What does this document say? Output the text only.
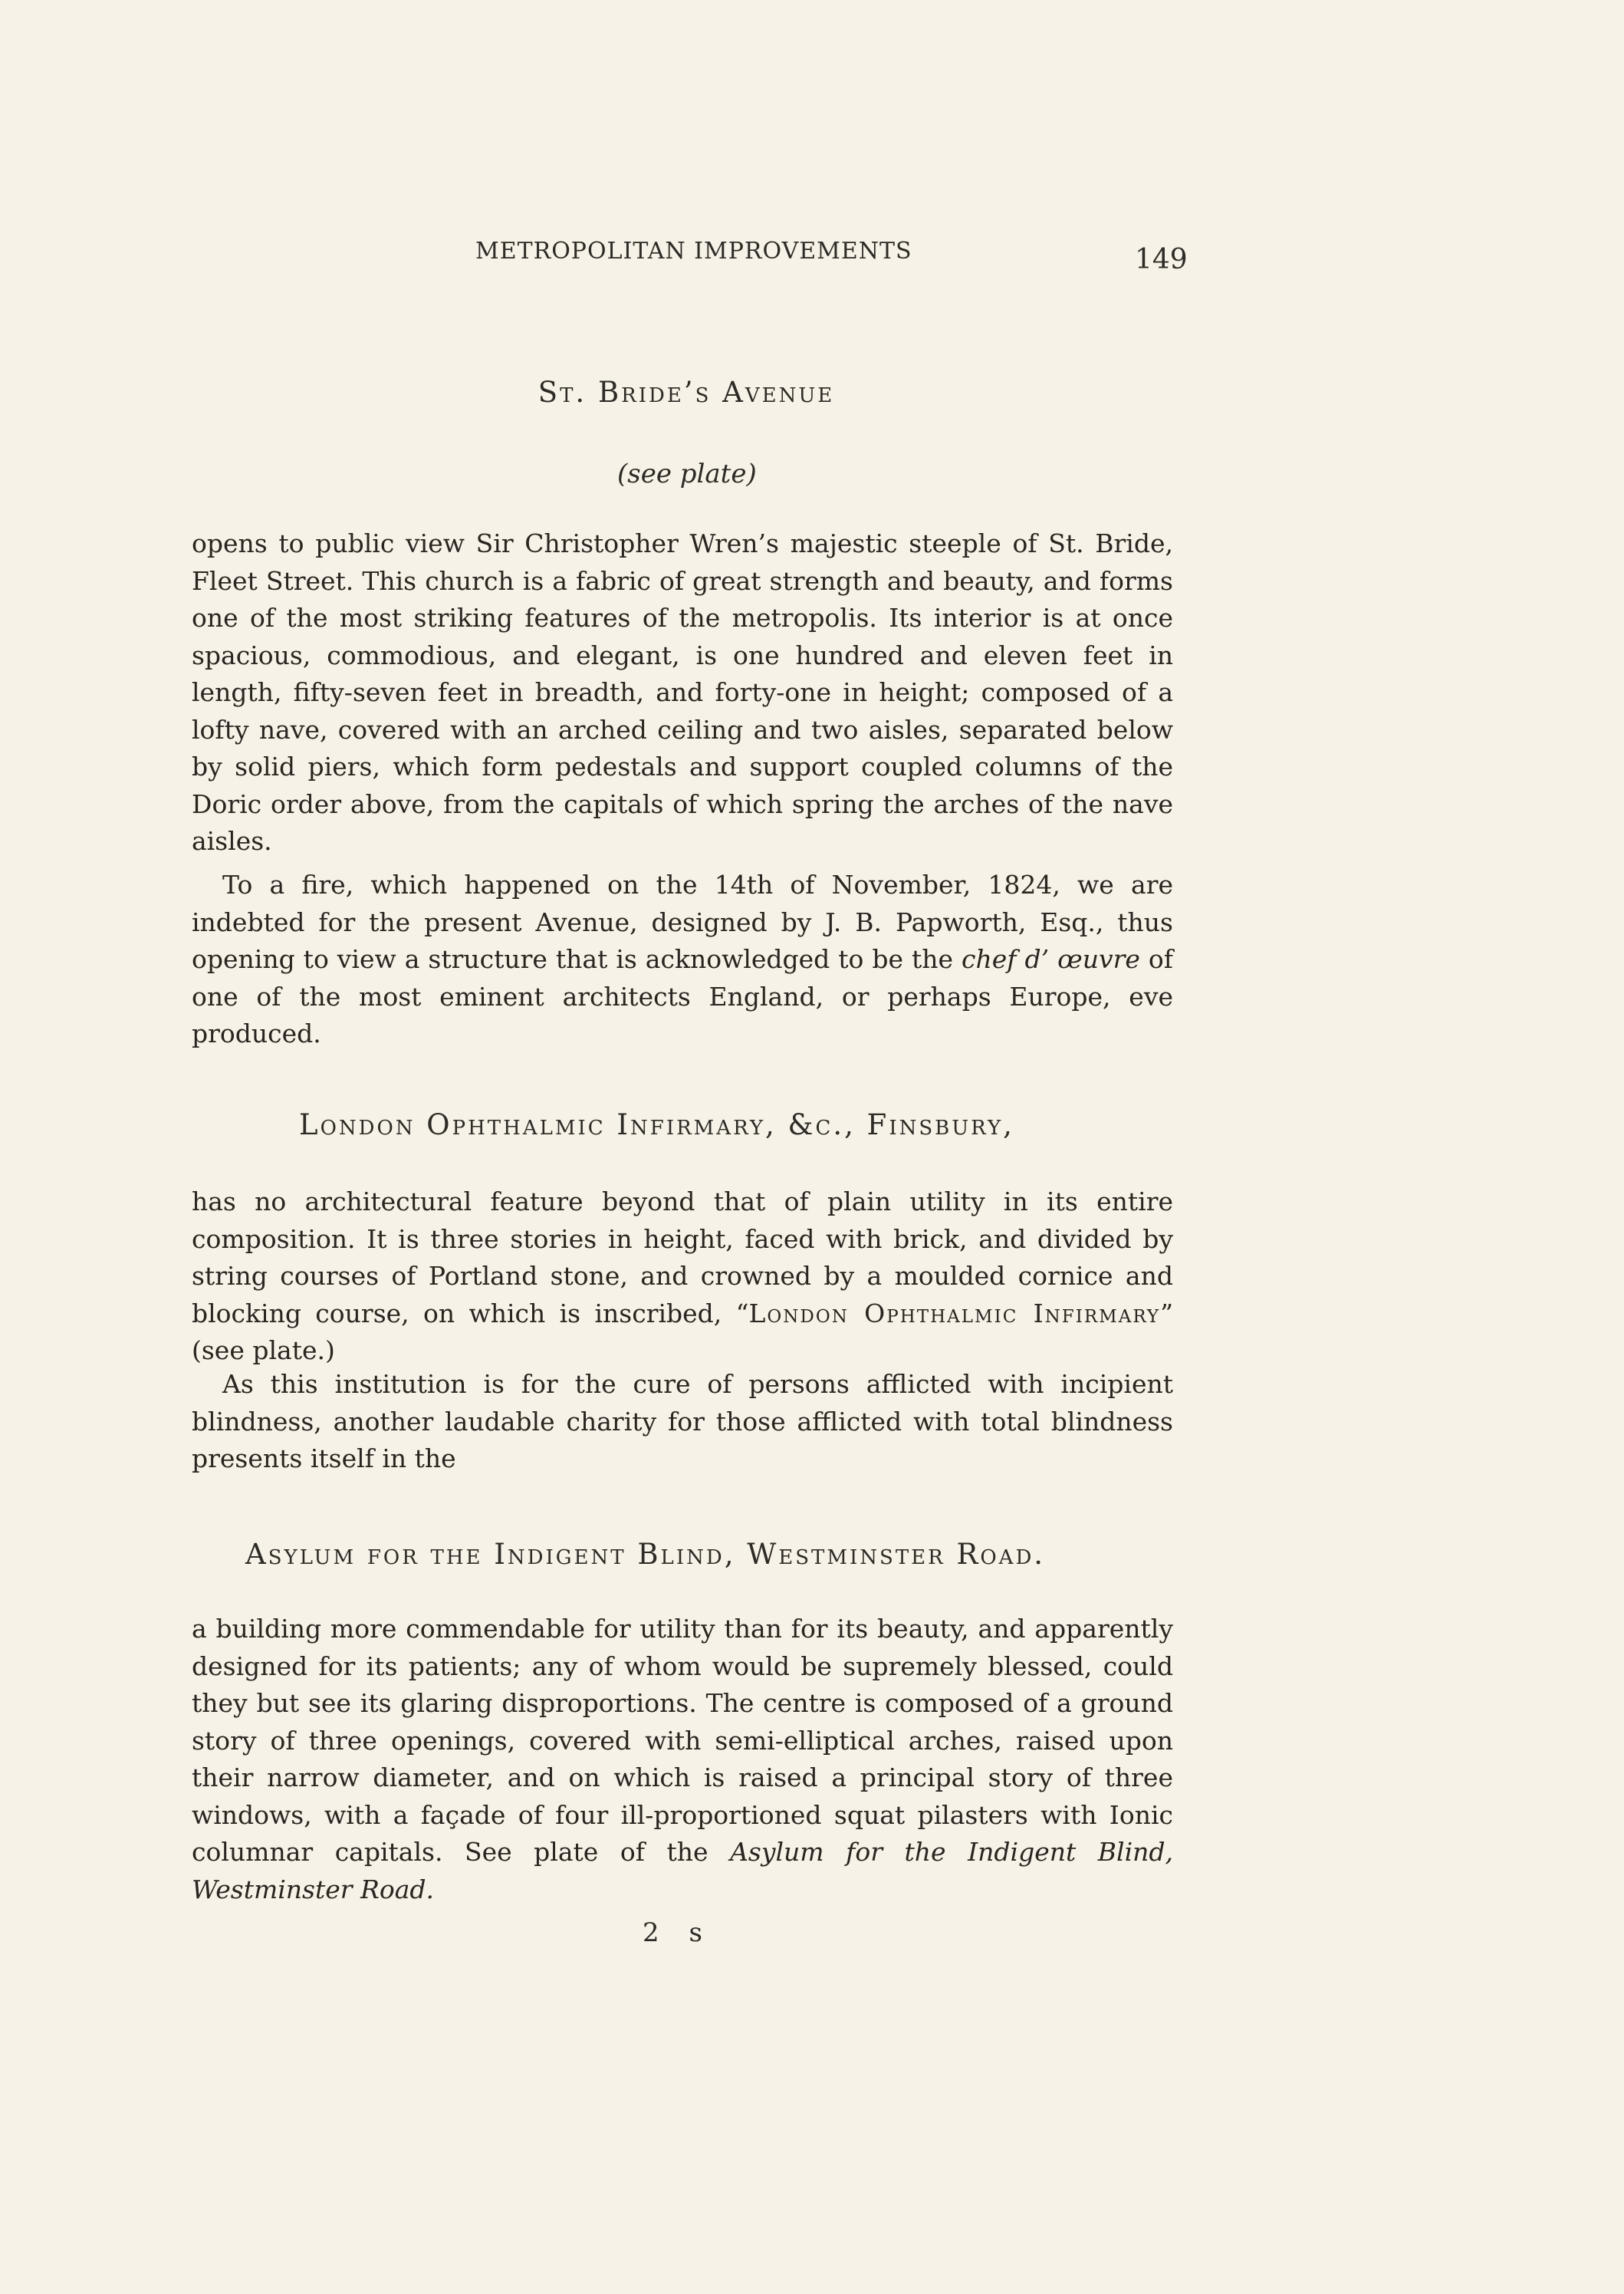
METROPOLITAN IMPROVEMENTS	149
St. Bride’s Avenue
(see plate)

opens to public view Sir Christopher Wren’s majestic steeple of St. Bride, Fleet Street. This church is a fabric of great strength and beauty, and forms one of the most striking features of the metropolis. Its interior is at once spacious, commodious, and elegant, is one hundred and eleven feet in length, fifty-seven feet in breadth, and forty-one in height; composed of a lofty nave, covered with an arched ceiling and two aisles, separated below by solid piers, which form pedestals and support coupled columns of the Doric order above, from the capitals of which spring the arches of the nave aisles.

To a fire, which happened on the 14th of November, 1824, we are indebted for the present Avenue, designed by J. B. Papworth, Esq., thus opening to view a structure that is acknowledged to be the chef d’ œuvre of one of the most eminent architects England, or perhaps Europe, eve produced.

London Ophthalmic Infirmary, &c., Finsbury,

has no architectural feature beyond that of plain utility in its entire composition. It is three stories in height, faced with brick, and divided by string courses of Portland stone, and crowned by a moulded cornice and blocking course, on which is inscribed, “London Ophthalmic Infirmary” (see plate.)

As this institution is for the cure of persons afflicted with incipient blindness, another laudable charity for those afflicted with total blindness presents itself in the

Asylum for the Indigent Blind, Westminster Road.

a building more commendable for utility than for its beauty, and apparently designed for its patients; any of whom would be supremely blessed, could they but see its glaring disproportions. The centre is composed of a ground story of three openings, covered with semi-elliptical arches, raised upon their narrow diameter, and on which is raised a principal story of three windows, with a façade of four ill-proportioned squat pilasters with Ionic columnar capitals. See plate of the Asylum for the Indigent Blind, Westminster Road.

2 s
